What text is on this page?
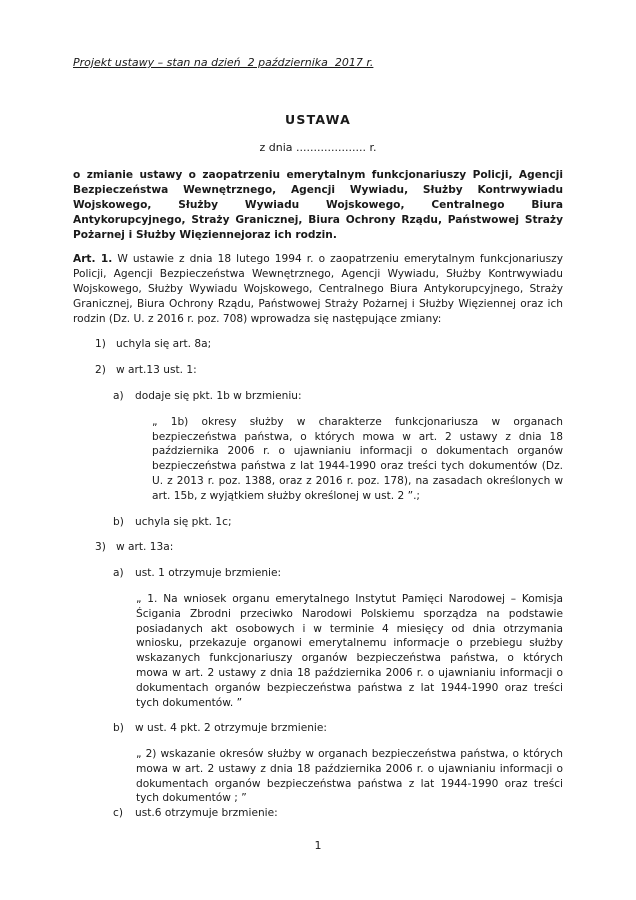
Projekt ustawy – stan na dzień  2 października  2017 r.

USTAWA

z dnia .................... r.

o zmianie ustawy o zaopatrzeniu emerytalnym funkcjonariuszy Policji, Agencji Bezpieczeństwa Wewnętrznego, Agencji Wywiadu, Służby Kontrwywiadu Wojskowego, Służby Wywiadu Wojskowego, Centralnego Biura Antykorupcyjnego, Straży Granicznej, Biura Ochrony Rządu, Państwowej Straży Pożarnej i Służby Więziennejoraz ich rodzin.

Art. 1. W ustawie z dnia 18 lutego 1994 r. o zaopatrzeniu emerytalnym funkcjonariuszy Policji, Agencji Bezpieczeństwa Wewnętrznego, Agencji Wywiadu, Służby Kontrwywiadu Wojskowego, Służby Wywiadu Wojskowego, Centralnego Biura Antykorupcyjnego, Straży Granicznej, Biura Ochrony Rządu, Państwowej Straży Pożarnej i Służby Więziennej oraz ich rodzin (Dz. U. z 2016 r. poz. 708) wprowadza się następujące zmiany:

1) uchyla się art. 8a;
2) w art.13 ust. 1:
a)	dodaje się pkt. 1b w brzmieniu:
„ 1b) okresy służby w charakterze funkcjonariusza w organach bezpieczeństwa państwa, o których mowa w art. 2 ustawy z dnia 18 października 2006 r. o ujawnianiu informacji o dokumentach organów bezpieczeństwa państwa z lat 1944-1990 oraz treści tych dokumentów (Dz. U. z 2013 r. poz. 1388, oraz z 2016 r. poz. 178), na zasadach określonych w art. 15b, z wyjątkiem służby określonej w ust. 2 ”.;
b)	uchyla się pkt. 1c;
3) w art. 13a:
a)	ust. 1 otrzymuje brzmienie:
„ 1. Na wniosek organu emerytalnego Instytut Pamięci Narodowej – Komisja Ścigania Zbrodni przeciwko Narodowi Polskiemu sporządza na podstawie posiadanych akt osobowych i w terminie 4 miesięcy od dnia otrzymania wniosku, przekazuje organowi emerytalnemu informacje o przebiegu służby wskazanych funkcjonariuszy organów bezpieczeństwa państwa, o których mowa w art. 2 ustawy z dnia 18 października 2006 r. o ujawnianiu informacji o dokumentach organów bezpieczeństwa państwa z lat 1944-1990 oraz treści tych dokumentów. ”
b)	w ust. 4 pkt. 2 otrzymuje brzmienie:
„ 2) wskazanie okresów służby w organach bezpieczeństwa państwa, o których mowa w art. 2 ustawy z dnia 18 października 2006 r. o ujawnianiu informacji o dokumentach organów bezpieczeństwa państwa z lat 1944-1990 oraz treści tych dokumentów ; ”
c)	ust.6 otrzymuje brzmienie:
1
